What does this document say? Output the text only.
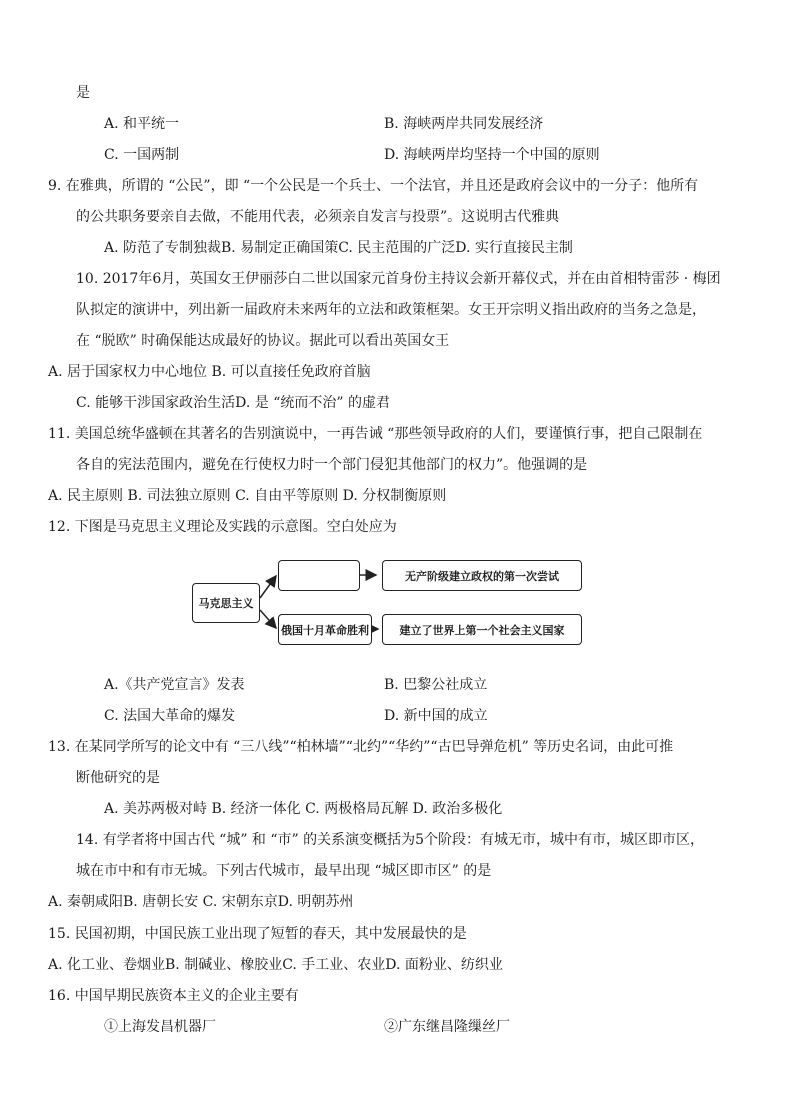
是
A. 和平统一	B. 海峡两岸共同发展经济
C. 一国两制	D. 海峡两岸均坚持一个中国的原则
9. 在雅典，所谓的 “公民”，即 “一个公民是一个兵士、一个法官，并且还是政府会议中的一分子：他所有
的公共职务要亲自去做，不能用代表，必须亲自发言与投票”。这说明古代雅典
A. 防范了专制独裁B. 易制定正确国策C. 民主范围的广泛D. 实行直接民主制
10. 2017年6月，英国女王伊丽莎白二世以国家元首身份主持议会新开幕仪式，并在由首相特雷莎 · 梅团
队拟定的演讲中，列出新一届政府未来两年的立法和政策框架。女王开宗明义指出政府的当务之急是，
在 “脱欧” 时确保能达成最好的协议。据此可以看出英国女王
A. 居于国家权力中心地位 B. 可以直接任免政府首脑
C. 能够干涉国家政治生活D. 是 “统而不治” 的虚君
11. 美国总统华盛顿在其著名的告别演说中，一再告诫 “那些领导政府的人们，要谨慎行事，把自己限制在
各自的宪法范围内，避免在行使权力时一个部门侵犯其他部门的权力”。他强调的是
A. 民主原则 B. 司法独立原则 C. 自由平等原则 D. 分权制衡原则
12. 下图是马克思主义理论及实践的示意图。空白处应为
马克思主义
无产阶级建立政权的第一次尝试
俄国十月革命胜利	建立了世界上第一个社会主义国家
A.《共产党宣言》发表	B. 巴黎公社成立
C. 法国大革命的爆发	D. 新中国的成立
13. 在某同学所写的论文中有 “三八线”“柏林墙”“北约”“华约”“古巴导弹危机” 等历史名词，由此可推
断他研究的是
A. 美苏两极对峙 B. 经济一体化 C. 两极格局瓦解 D. 政治多极化
14. 有学者将中国古代 “城” 和 “市” 的关系演变概括为5个阶段：有城无市，城中有市，城区即市区，
城在市中和有市无城。下列古代城市，最早出现 “城区即市区” 的是
A. 秦朝咸阳B. 唐朝长安 C. 宋朝东京D. 明朝苏州
15. 民国初期，中国民族工业出现了短暂的春天，其中发展最快的是
A. 化工业、卷烟业B. 制碱业、橡胶业C. 手工业、农业D. 面粉业、纺织业
16. 中国早期民族资本主义的企业主要有
①上海发昌机器厂	②广东继昌隆缫丝厂
